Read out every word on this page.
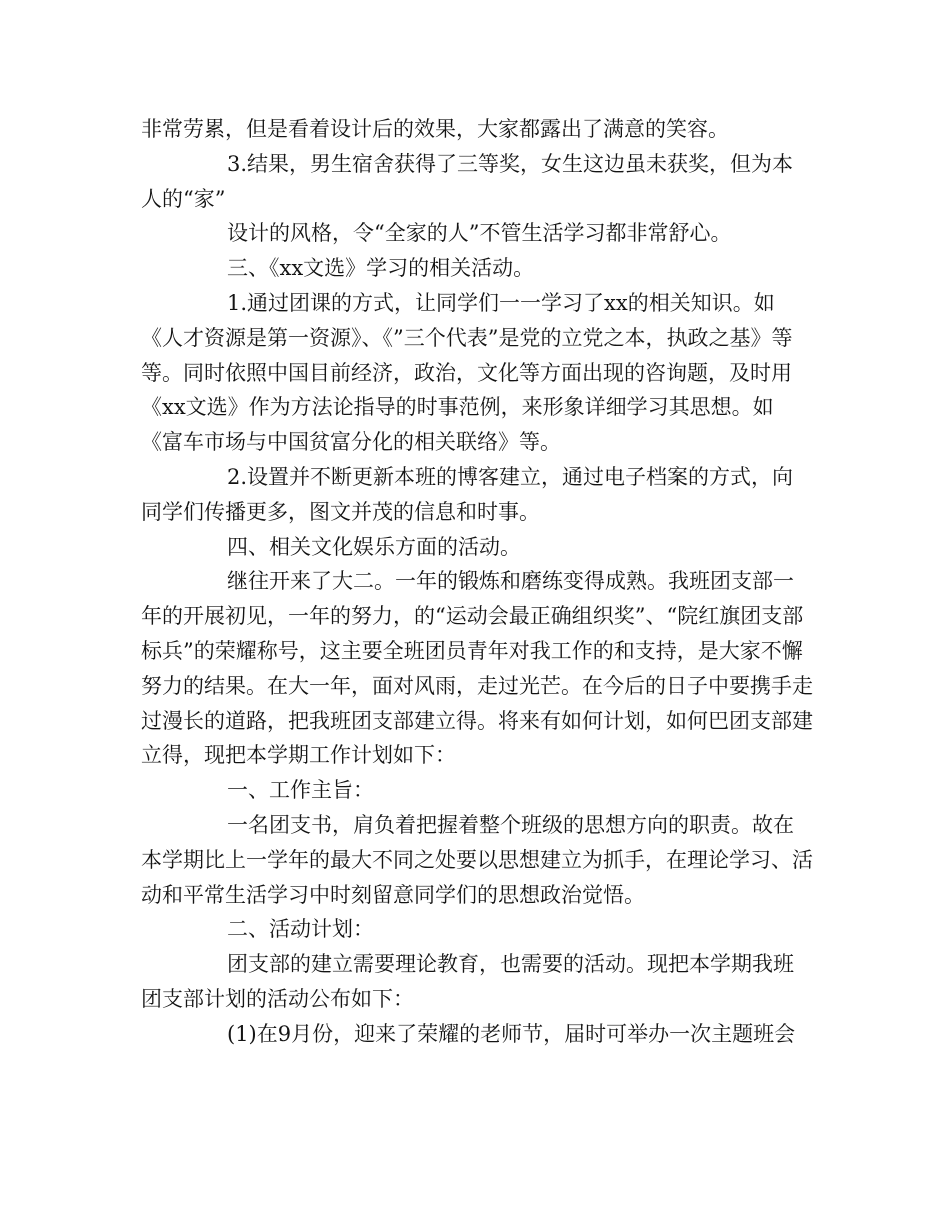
非常劳累，但是看着设计后的效果，大家都露出了满意的笑容。

3.结果，男生宿舍获得了三等奖，女生这边虽未获奖，但为本人的“家”

设计的风格，令“全家的人”不管生活学习都非常舒心。

三、《xx文选》学习的相关活动。

1.通过团课的方式，让同学们一一学习了xx的相关知识。如《人才资源是第一资源》、《”三个代表”是党的立党之本，执政之基》等等。同时依照中国目前经济，政治，文化等方面出现的咨询题，及时用《xx文选》作为方法论指导的时事范例，来形象详细学习其思想。如《富车市场与中国贫富分化的相关联络》等。

2.设置并不断更新本班的博客建立，通过电子档案的方式，向同学们传播更多，图文并茂的信息和时事。

四、相关文化娱乐方面的活动。

继往开来了大二。一年的锻炼和磨练变得成熟。我班团支部一年的开展初见，一年的努力，的“运动会最正确组织奖”、“院红旗团支部标兵”的荣耀称号，这主要全班团员青年对我工作的和支持，是大家不懈努力的结果。在大一年，面对风雨，走过光芒。在今后的日子中要携手走过漫长的道路，把我班团支部建立得。将来有如何计划，如何巴团支部建立得，现把本学期工作计划如下：

一、工作主旨：

一名团支书，肩负着把握着整个班级的思想方向的职责。故在本学期比上一学年的最大不同之处要以思想建立为抓手，在理论学习、活动和平常生活学习中时刻留意同学们的思想政治觉悟。

二、活动计划：

团支部的建立需要理论教育，也需要的活动。现把本学期我班团支部计划的活动公布如下：

(1)在9月份，迎来了荣耀的老师节，届时可举办一次主题班会
